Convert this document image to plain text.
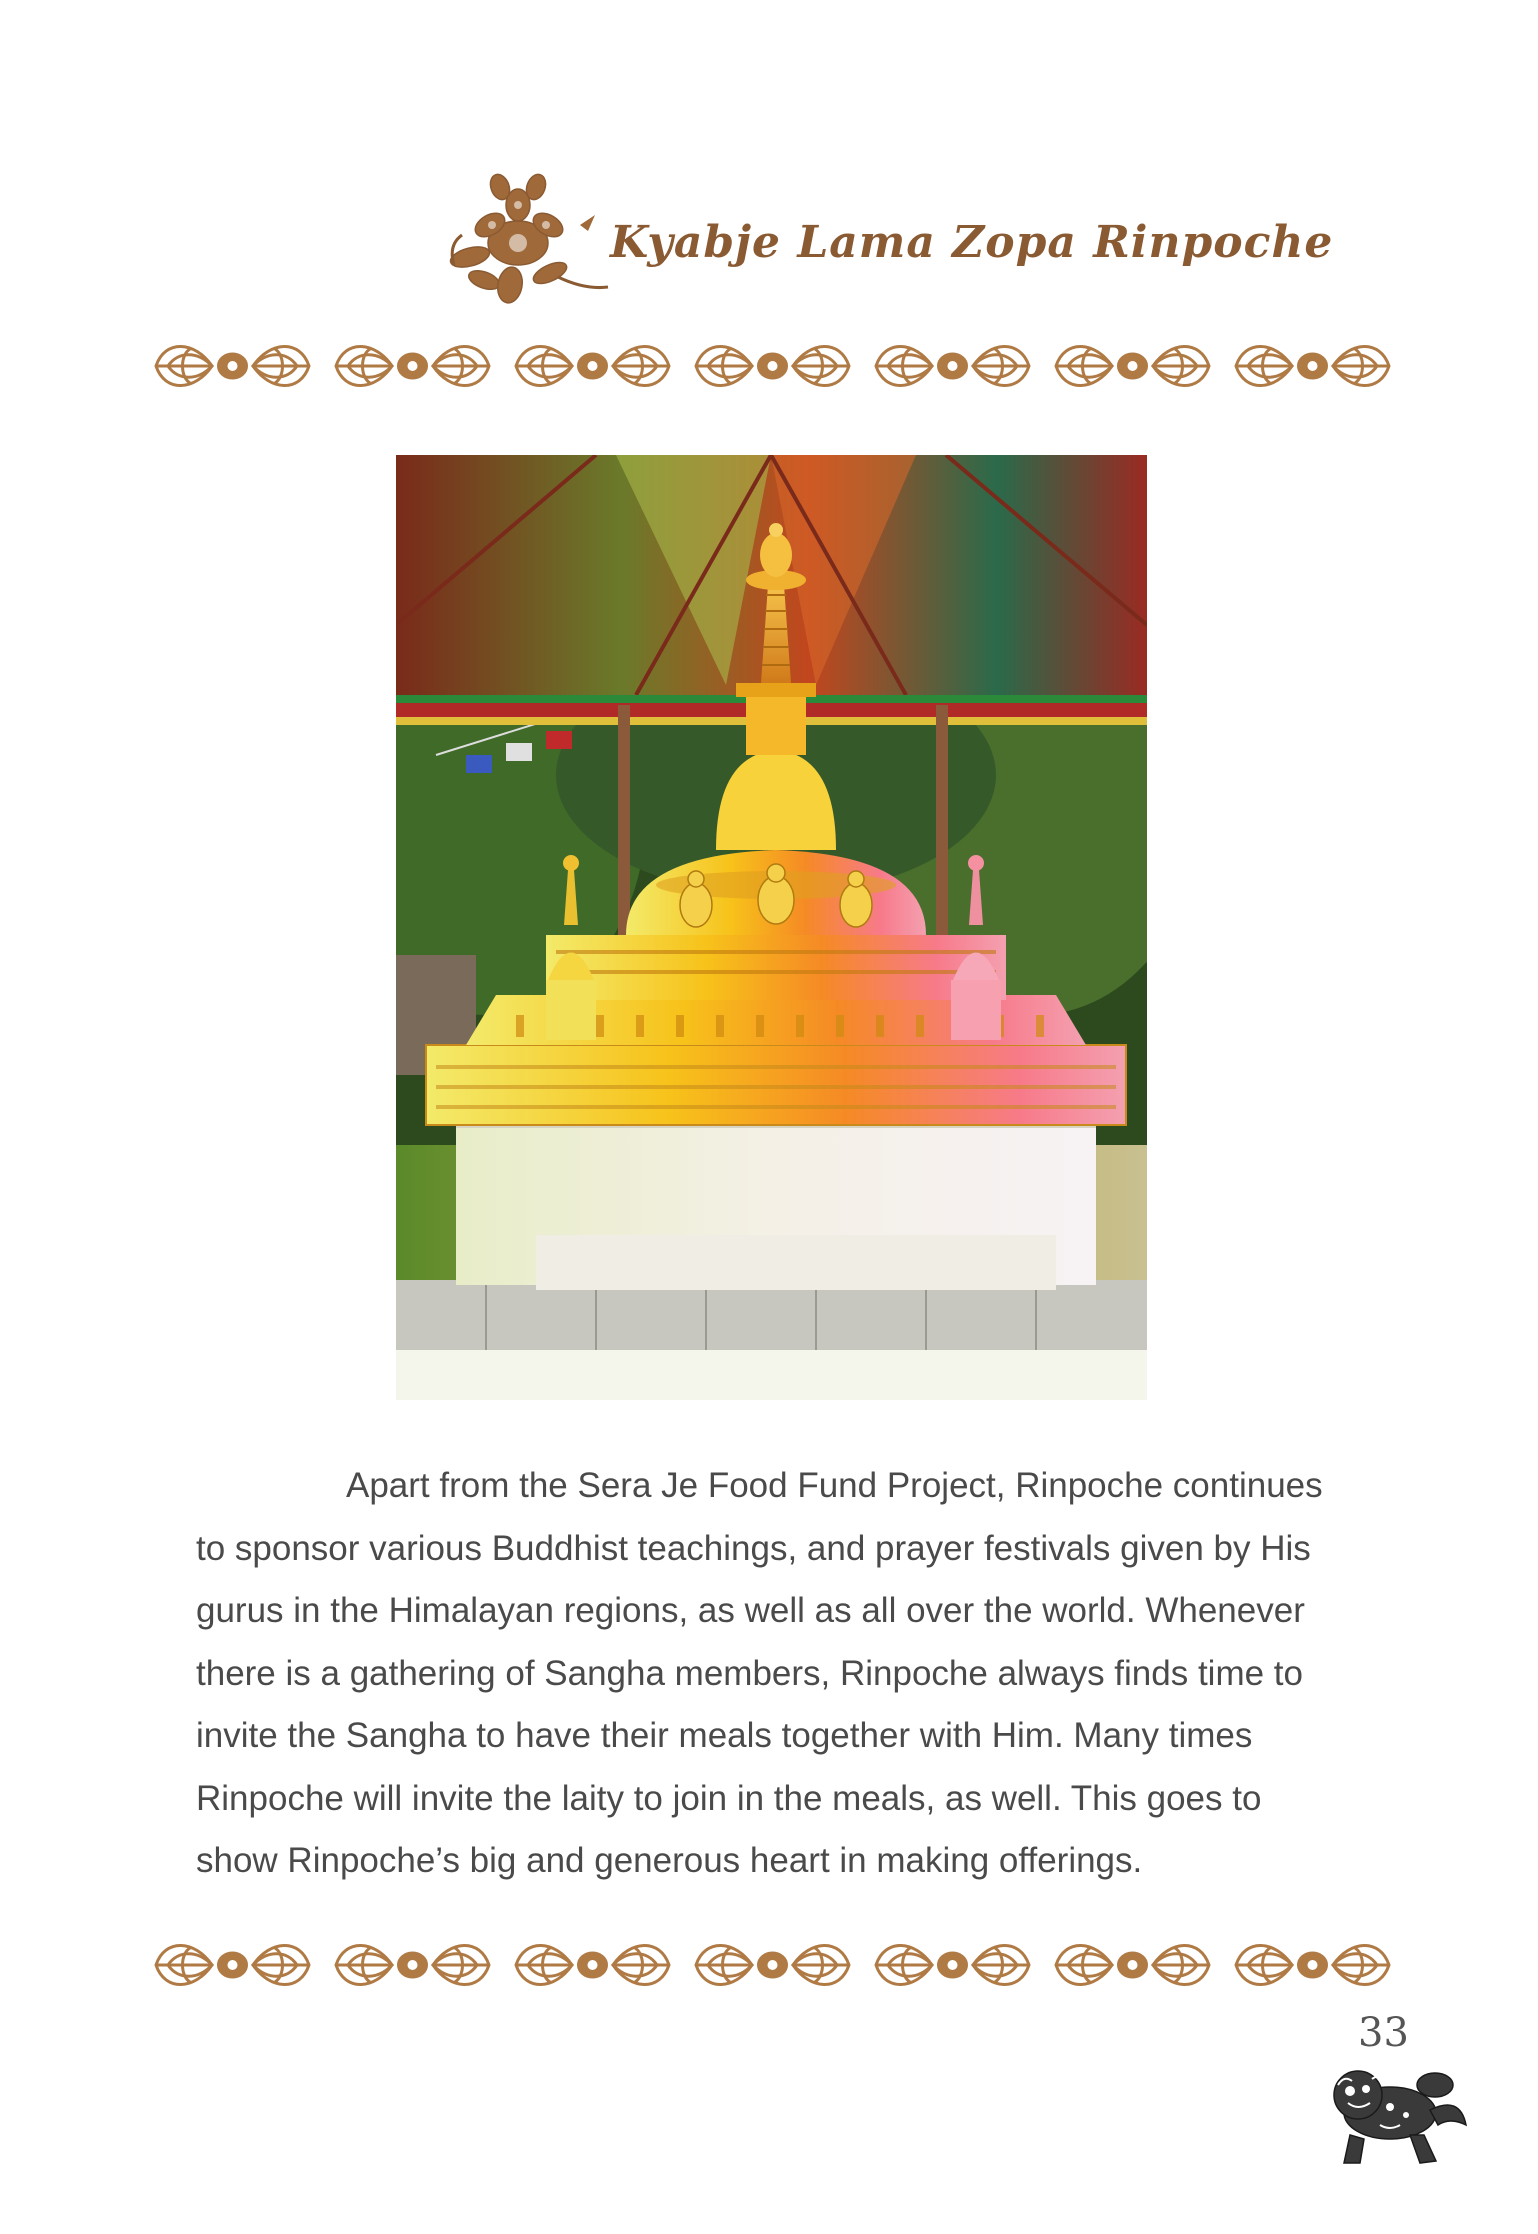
Kyabje Lama Zopa Rinpoche
Apart from the Sera Je Food Fund Project, Rinpoche continues
to sponsor various Buddhist teachings, and prayer festivals given by His
gurus in the Himalayan regions, as well as all over the world. Whenever
there is a gathering of Sangha members, Rinpoche always finds time to
invite the Sangha to have their meals together with Him. Many times
Rinpoche will invite the laity to join in the meals, as well. This goes to
show Rinpoche’s big and generous heart in making offerings.
33
